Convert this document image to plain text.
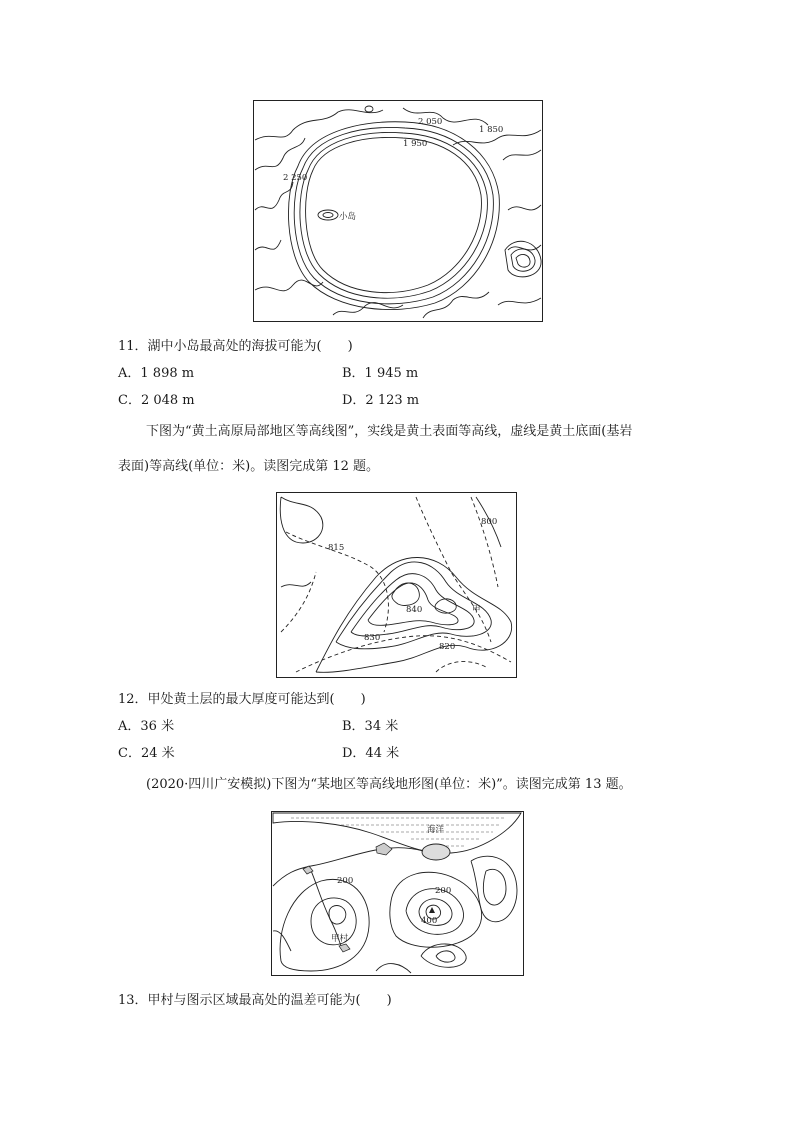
小岛
2 050
1 850
1 950
2 250
11．湖中小岛最高处的海拔可能为(　　)
A．1 898 m	B．1 945 m
C．2 048 m	D．2 123 m
下图为“黄土高原局部地区等高线图”，实线是黄土表面等高线，虚线是黄土底面(基岩
表面)等高线(单位：米)。读图完成第 12 题。
800
815
840	甲
830
820
12．甲处黄土层的最大厚度可能达到(　　)
A．36 米	B．34 米
C．24 米	D．44 米
(2020·四川广安模拟)下图为“某地区等高线地形图(单位：米)”。读图完成第 13 题。
海洋
200
200
400
甲村
13．甲村与图示区域最高处的温差可能为(　　)
